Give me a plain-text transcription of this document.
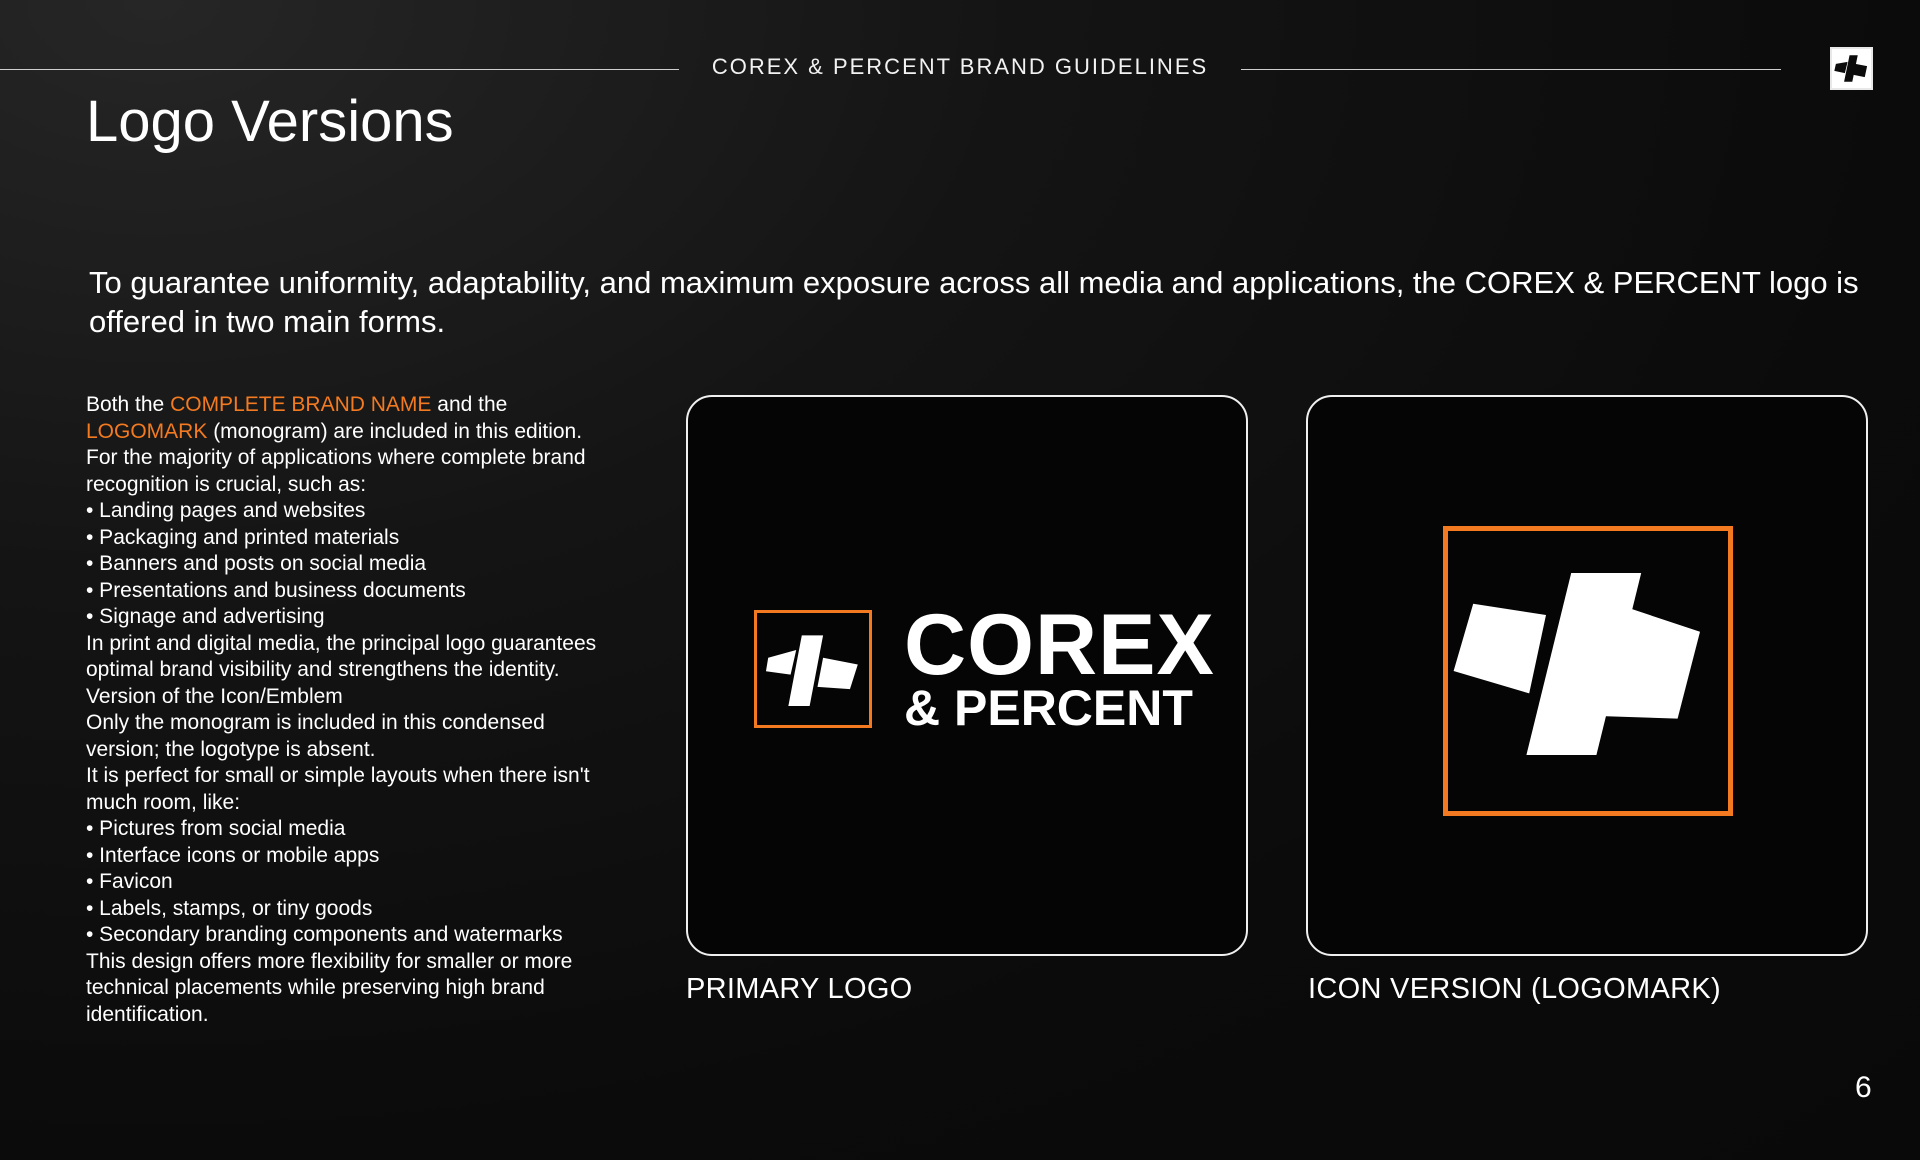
COREX & PERCENT BRAND GUIDELINES
Logo Versions

To guarantee uniformity, adaptability, and maximum exposure across all media and applications, the COREX & PERCENT logo is offered in two main forms.

Both the COMPLETE BRAND NAME and the
LOGOMARK (monogram) are included in this edition.
For the majority of applications where complete brand
recognition is crucial, such as:
• Landing pages and websites
• Packaging and printed materials
• Banners and posts on social media
• Presentations and business documents
• Signage and advertising
In print and digital media, the principal logo guarantees
optimal brand visibility and strengthens the identity.
Version of the Icon/Emblem
Only the monogram is included in this condensed
version; the logotype is absent.
It is perfect for small or simple layouts when there isn't
much room, like:
• Pictures from social media
• Interface icons or mobile apps
• Favicon
• Labels, stamps, or tiny goods
• Secondary branding components and watermarks
This design offers more flexibility for smaller or more
technical placements while preserving high brand
identification.
COREX
& PERCENT
PRIMARY LOGO	ICON VERSION (LOGOMARK)
6
